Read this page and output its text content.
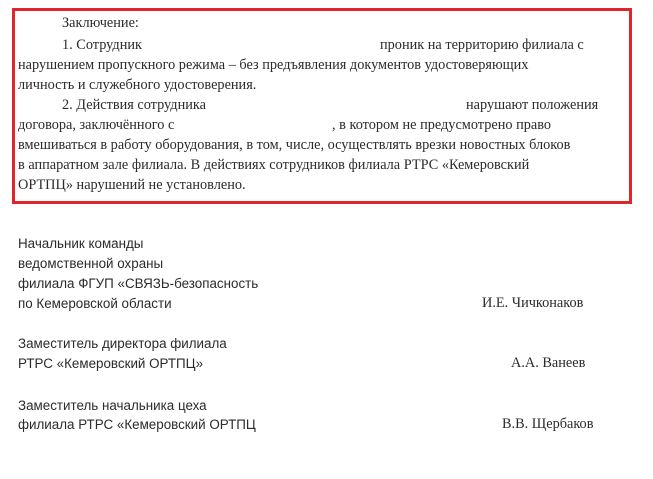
Заключение:
1. Сотрудник	проник на территорию филиала с
нарушением пропускного режима – без предъявления документов удостоверяющих
личность и служебного удостоверения.
2. Действия сотрудника	нарушают положения
договора, заключённого с	, в котором не предусмотрено право
вмешиваться в работу оборудования, в том, числе, осуществлять врезки новостных блоков
в аппаратном зале филиала. В действиях сотрудников филиала РТРС «Кемеровский
ОРТПЦ» нарушений не установлено.
Начальник команды
ведомственной охраны
филиала ФГУП «СВЯЗЬ-безопасность
по Кемеровской области	И.Е. Чичконаков
Заместитель директора филиала
РТРС «Кемеровский ОРТПЦ»	А.А. Ванеев
Заместитель начальника цеха
филиала РТРС «Кемеровский ОРТПЦ	В.В. Щербаков
